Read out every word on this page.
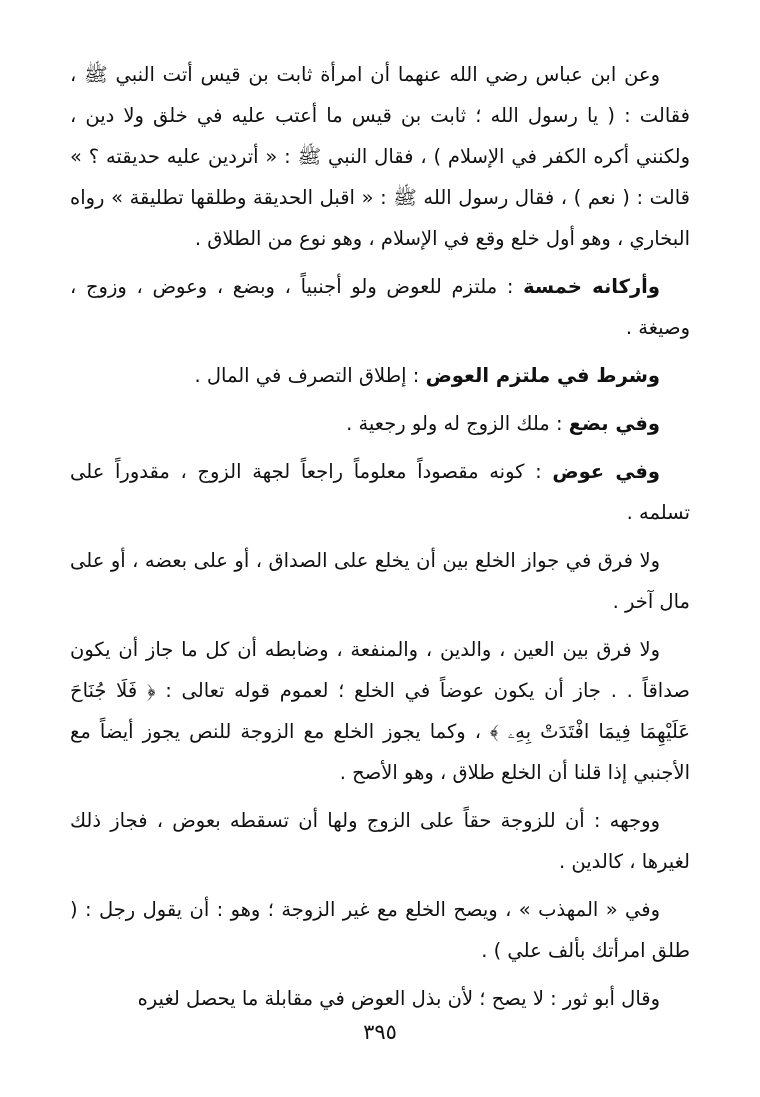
وعن ابن عباس رضي الله عنهما أن امرأة ثابت بن قيس أتت النبي ﷺ ، فقالت : ( يا رسول الله ؛ ثابت بن قيس ما أعتب عليه في خلق ولا دين ، ولكنني أكره الكفر في الإسلام ) ، فقال النبي ﷺ : « أتردين عليه حديقته ؟ » قالت : ( نعم ) ، فقال رسول الله ﷺ : « اقبل الحديقة وطلقها تطليقة » رواه البخاري ، وهو أول خلع وقع في الإسلام ، وهو نوع من الطلاق .

وأركانه خمسة : ملتزم للعوض ولو أجنبياً ، وبضع ، وعوض ، وزوج ، وصيغة .

وشرط في ملتزم العوض : إطلاق التصرف في المال .

وفي بضع : ملك الزوج له ولو رجعية .

وفي عوض : كونه مقصوداً معلوماً راجعاً لجهة الزوج ، مقدوراً على تسلمه .

ولا فرق في جواز الخلع بين أن يخلع على الصداق ، أو على بعضه ، أو على مال آخر .

ولا فرق بين العين ، والدين ، والمنفعة ، وضابطه أن كل ما جاز أن يكون صداقاً . . جاز أن يكون عوضاً في الخلع ؛ لعموم قوله تعالى : ﴿ فَلَا جُنَاحَ عَلَيْهِمَا فِيمَا افْتَدَتْ بِهِۦ ﴾ ، وكما يجوز الخلع مع الزوجة للنص يجوز أيضاً مع الأجنبي إذا قلنا أن الخلع طلاق ، وهو الأصح .

ووجهه : أن للزوجة حقاً على الزوج ولها أن تسقطه بعوض ، فجاز ذلك لغيرها ، كالدين .

وفي « المهذب » ، ويصح الخلع مع غير الزوجة ؛ وهو : أن يقول رجل : ( طلق امرأتك بألف علي ) .

وقال أبو ثور : لا يصح ؛ لأن بذل العوض في مقابلة ما يحصل لغيره

٣٩٥
